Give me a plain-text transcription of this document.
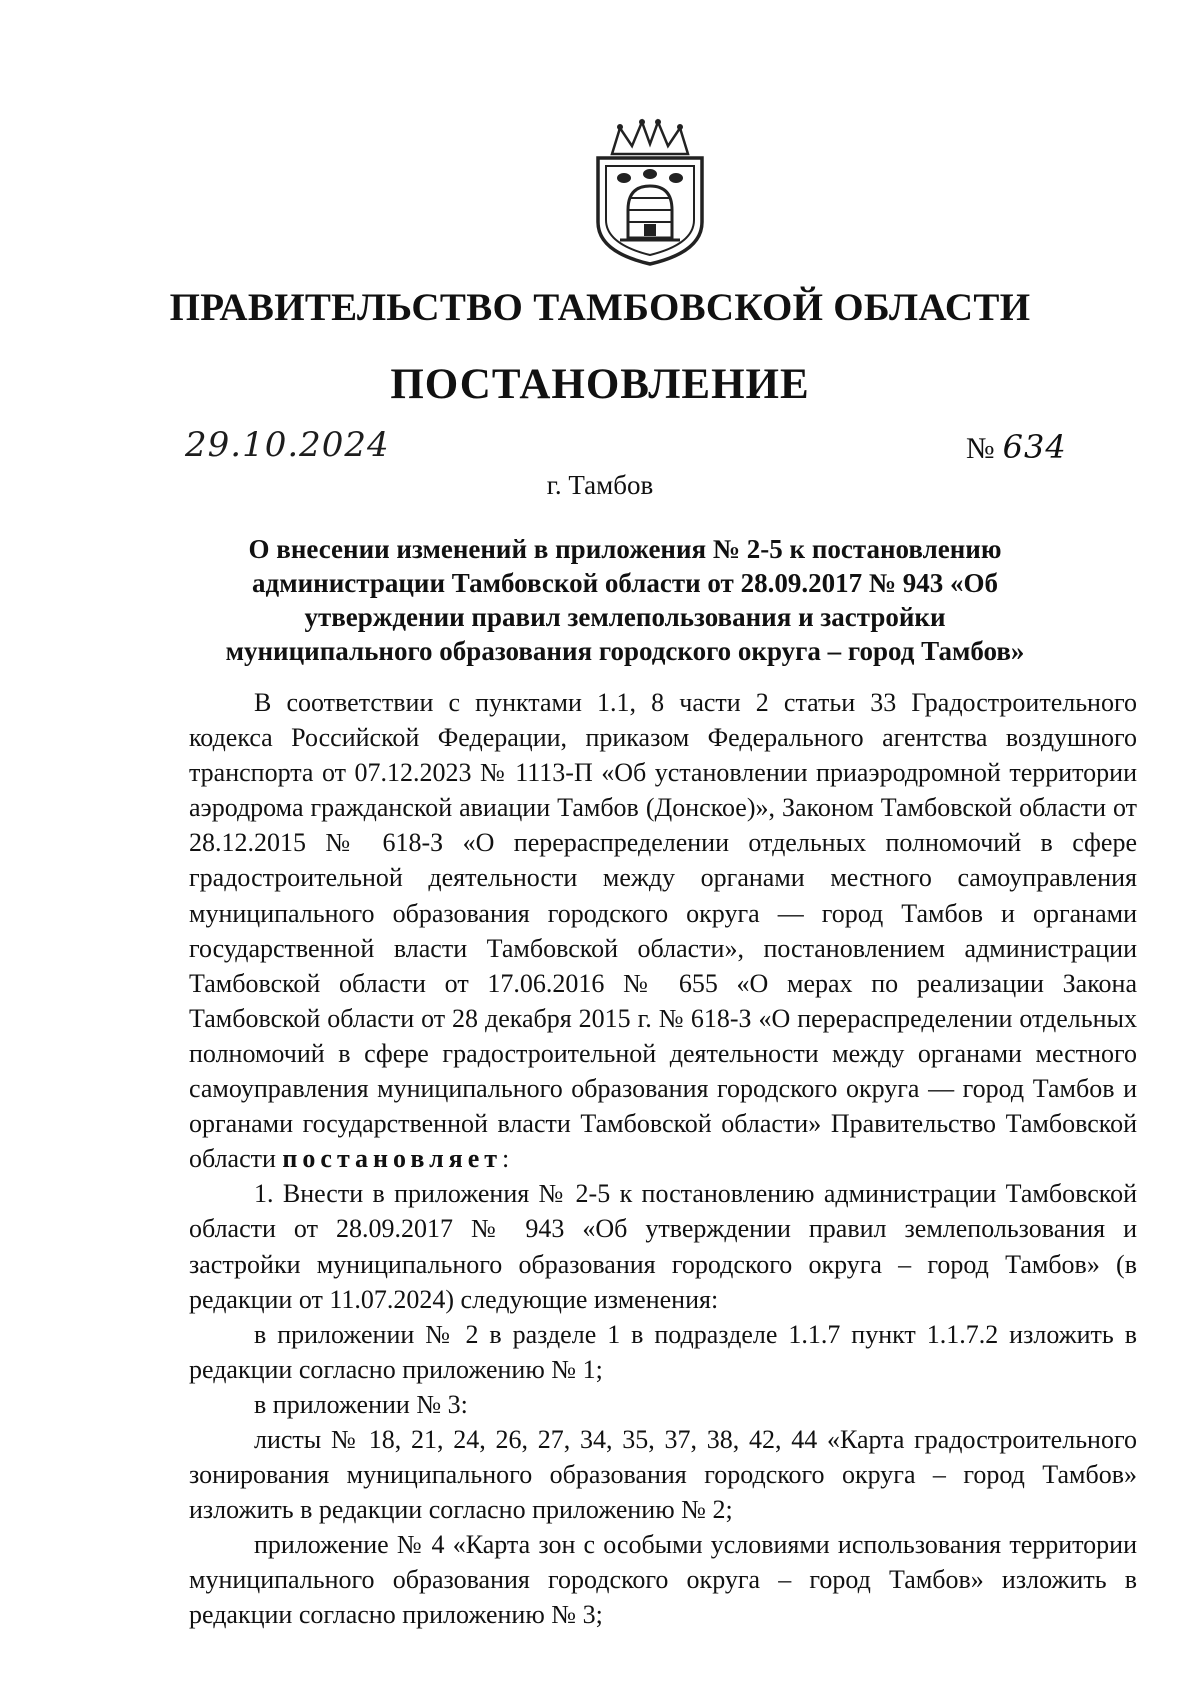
ПРАВИТЕЛЬСТВО ТАМБОВСКОЙ ОБЛАСТИ
ПОСТАНОВЛЕНИЕ
29.10.2024	№ 634
г. Тамбов
О внесении изменений в приложения № 2-5 к постановлению администрации Тамбовской области от 28.09.2017 № 943 «Об утверждении правил землепользования и застройки муниципального образования городского округа – город Тамбов»

В соответствии с пунктами 1.1, 8 части 2 статьи 33 Градостроительного кодекса Российской Федерации, приказом Федерального агентства воздушного транспорта от 07.12.2023 № 1113-П «Об установлении приаэродромной территории аэродрома гражданской авиации Тамбов (Донское)», Законом Тамбовской области от 28.12.2015 № 618-З «О перераспределении отдельных полномочий в сфере градостроительной деятельности между органами местного самоуправления муниципального образования городского округа — город Тамбов и органами государственной власти Тамбовской области», постановлением администрации Тамбовской области от 17.06.2016 № 655 «О мерах по реализации Закона Тамбовской области от 28 декабря 2015 г. № 618-З «О перераспределении отдельных полномочий в сфере градостроительной деятельности между органами местного самоуправления муниципального образования городского округа — город Тамбов и органами государственной власти Тамбовской области» Правительство Тамбовской области постановляет:

1. Внести в приложения № 2-5 к постановлению администрации Тамбовской области от 28.09.2017 № 943 «Об утверждении правил землепользования и застройки муниципального образования городского округа – город Тамбов» (в редакции от 11.07.2024) следующие изменения:

в приложении № 2 в разделе 1 в подразделе 1.1.7 пункт 1.1.7.2 изложить в редакции согласно приложению № 1;

в приложении № 3:

листы № 18, 21, 24, 26, 27, 34, 35, 37, 38, 42, 44 «Карта градостроительного зонирования муниципального образования городского округа – город Тамбов» изложить в редакции согласно приложению № 2;

приложение № 4 «Карта зон с особыми условиями использования территории муниципального образования городского округа – город Тамбов» изложить в редакции согласно приложению № 3;
